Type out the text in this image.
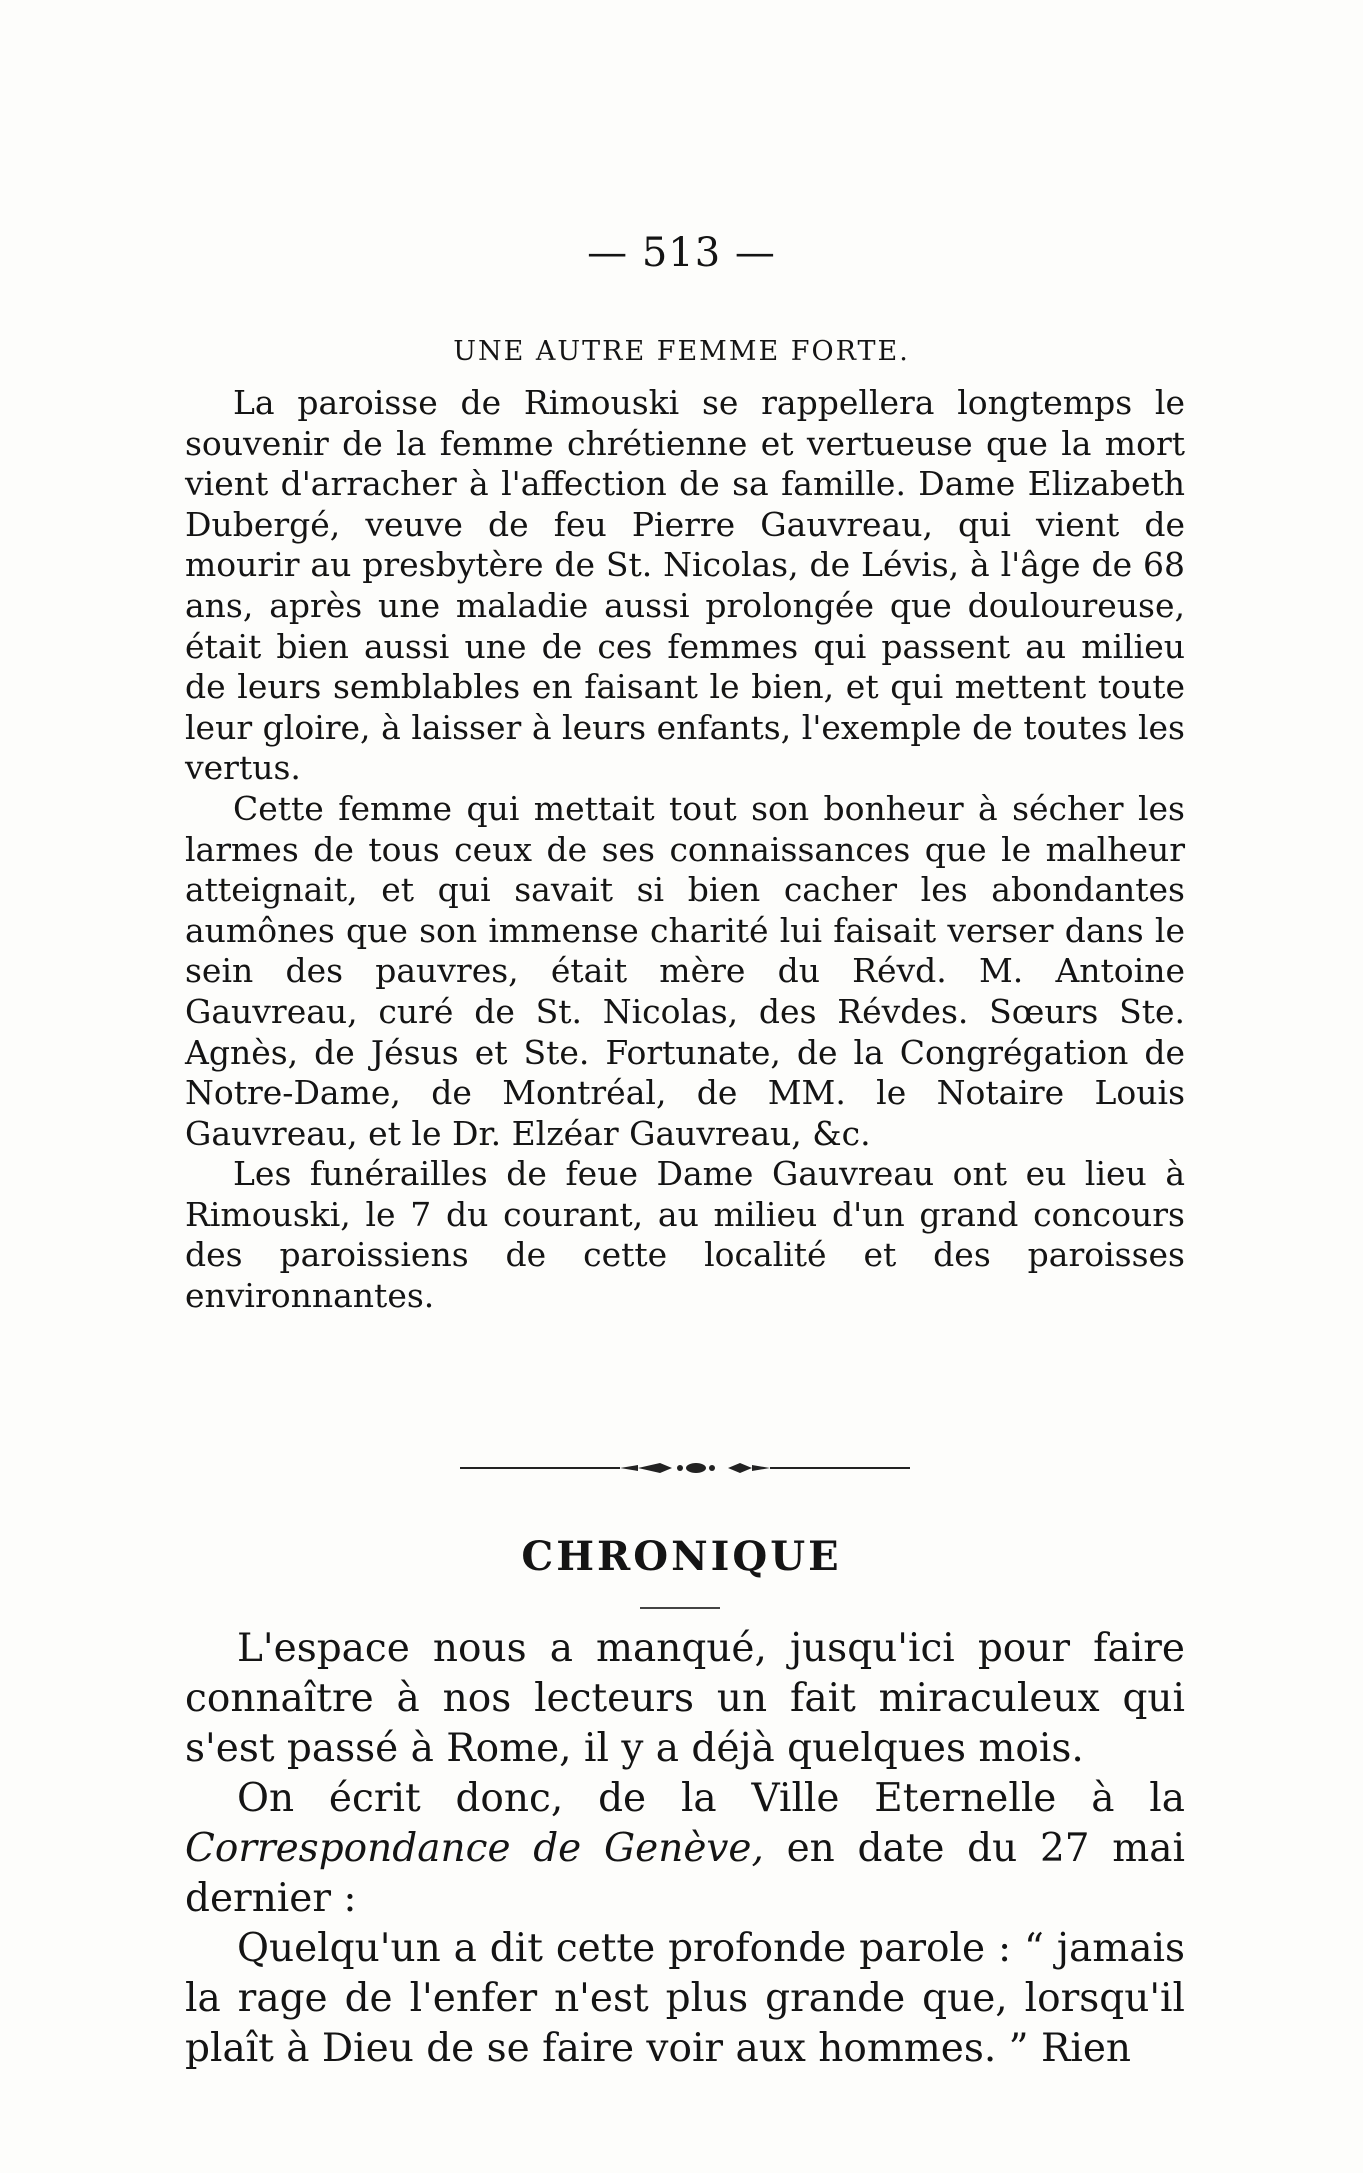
— 513 —
UNE AUTRE FEMME FORTE.

La paroisse de Rimouski se rappellera longtemps le souvenir de la femme chrétienne et vertueuse que la mort vient d'arracher à l'affection de sa famille. Dame Elizabeth Dubergé, veuve de feu Pierre Gauvreau, qui vient de mourir au presbytère de St. Nicolas, de Lévis, à l'âge de 68 ans, après une maladie aussi prolongée que douloureuse, était bien aussi une de ces femmes qui passent au milieu de leurs semblables en faisant le bien, et qui mettent toute leur gloire, à laisser à leurs enfants, l'exemple de toutes les vertus.

Cette femme qui mettait tout son bonheur à sécher les larmes de tous ceux de ses connaissances que le malheur atteignait, et qui savait si bien cacher les abondantes aumônes que son immense charité lui faisait verser dans le sein des pauvres, était mère du Révd. M. Antoine Gauvreau, curé de St. Nicolas, des Révdes. Sœurs Ste. Agnès, de Jésus et Ste. Fortunate, de la Congrégation de Notre-Dame, de Montréal, de MM. le Notaire Louis Gauvreau, et le Dr. Elzéar Gauvreau, &c.

Les funérailles de feue Dame Gauvreau ont eu lieu à Rimouski, le 7 du courant, au milieu d'un grand concours des paroissiens de cette localité et des paroisses environnantes.

CHRONIQUE

L'espace nous a manqué, jusqu'ici pour faire connaître à nos lecteurs un fait miraculeux qui s'est passé à Rome, il y a déjà quelques mois.

On écrit donc, de la Ville Eternelle à la Correspondance de Genève, en date du 27 mai dernier :

Quelqu'un a dit cette profonde parole : “ jamais la rage de l'enfer n'est plus grande que, lorsqu'il plaît à Dieu de se faire voir aux hommes. ” Rien
